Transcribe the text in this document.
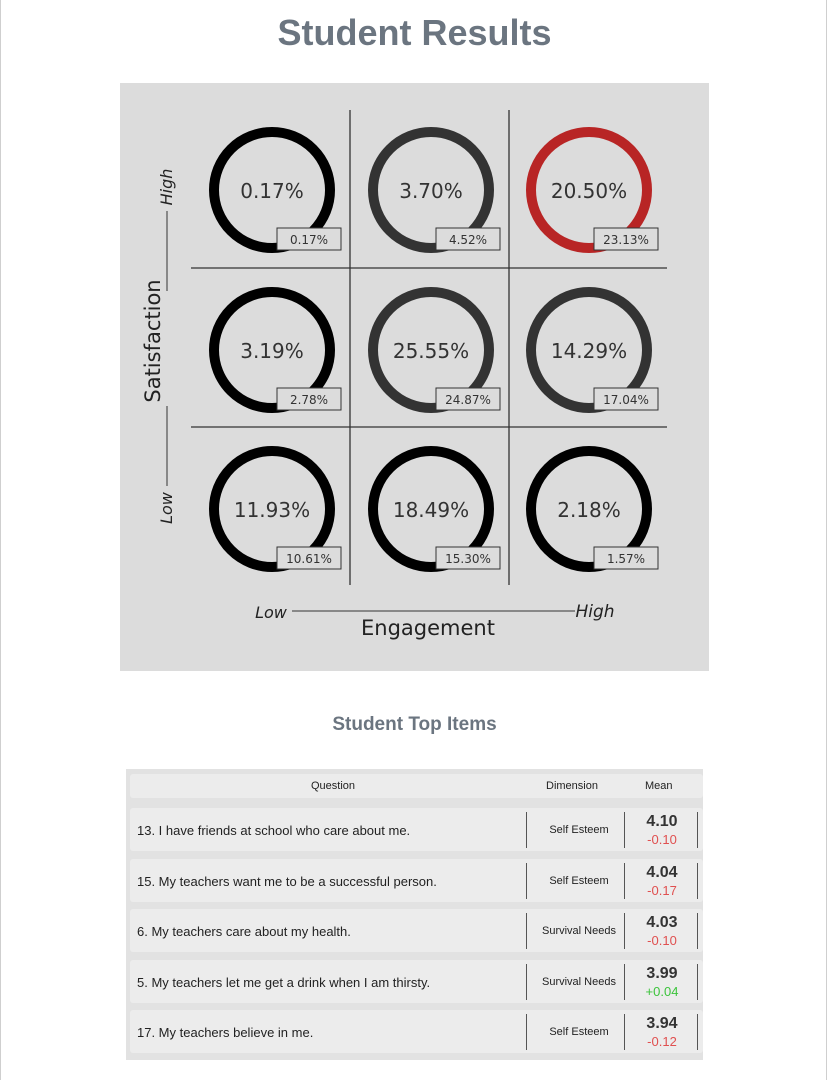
Student Results
High
Satisfaction
Low
Low	High
Engagement
0.17%
0.17%
3.70%
4.52%
20.50%
23.13%
3.19%
2.78%
25.55%
24.87%
14.29%
17.04%
11.93%
10.61%
18.49%
15.30%
2.18%
1.57%
Student Top Items
Question	Dimension	Mean
13. I have friends at school who care about me.	Self Esteem	4.10
-0.10
15. My teachers want me to be a successful person.	Self Esteem	4.04
-0.17
6. My teachers care about my health.	Survival Needs	4.03
-0.10
5. My teachers let me get a drink when I am thirsty.	Survival Needs	3.99
+0.04
17. My teachers believe in me.	Self Esteem	3.94
-0.12
